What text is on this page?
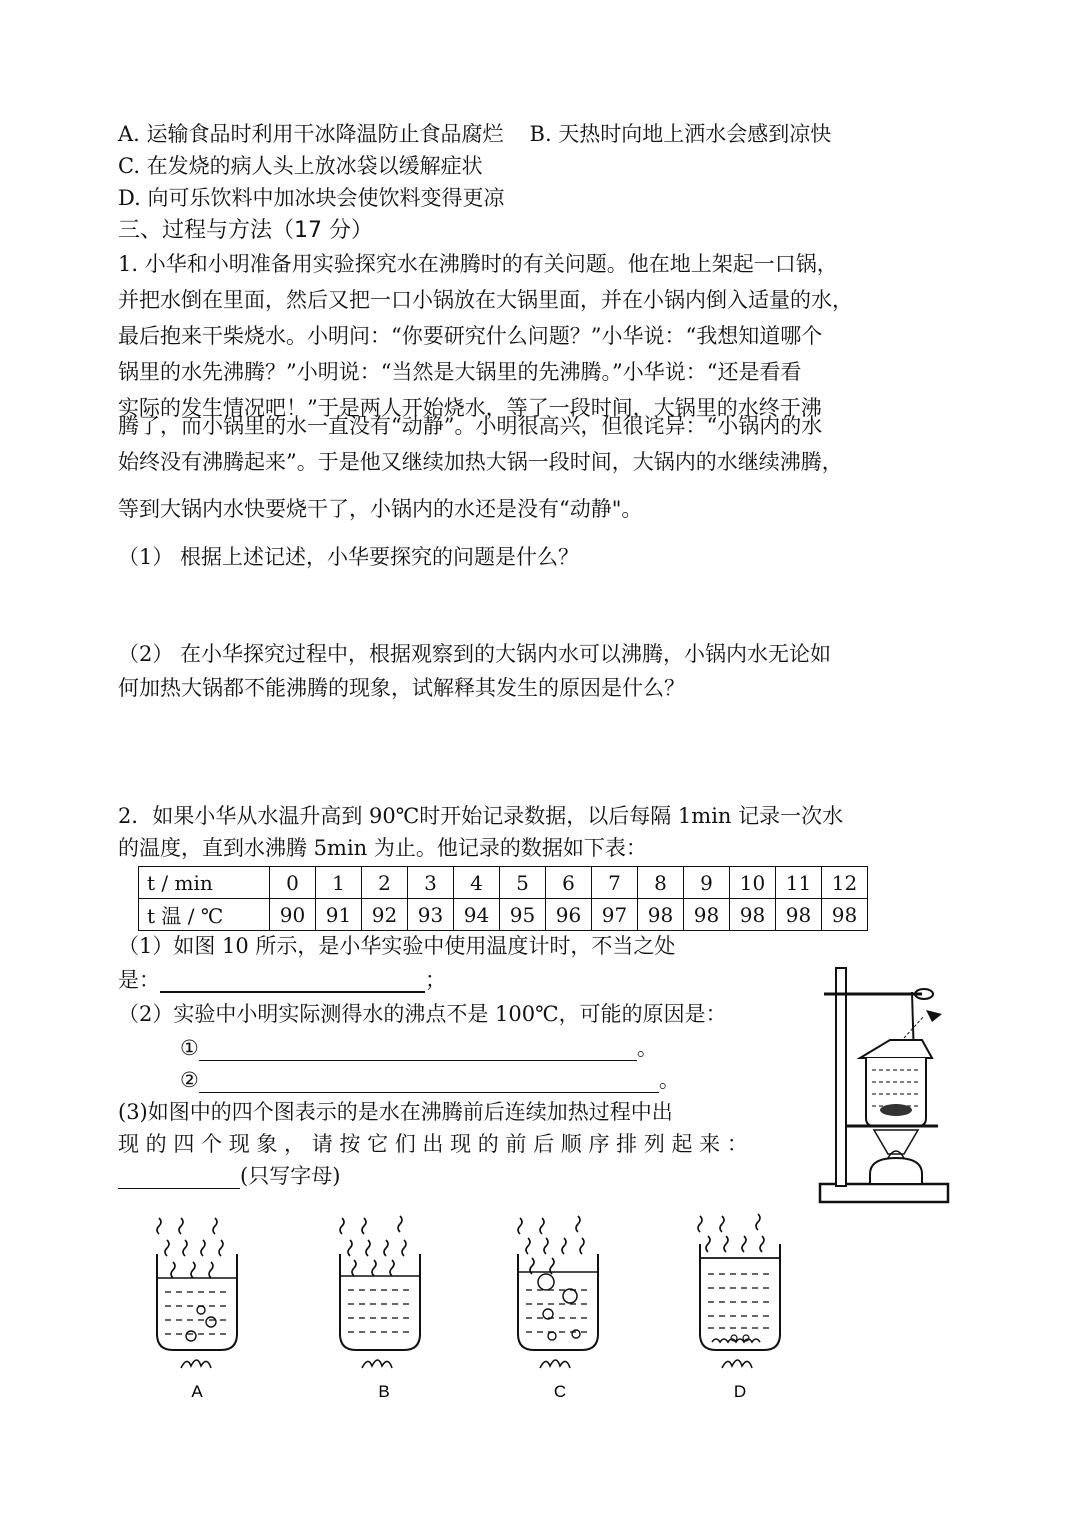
A. 运输食品时利用干冰降温防止食品腐烂 B. 天热时向地上洒水会感到凉快
C. 在发烧的病人头上放冰袋以缓解症状
D. 向可乐饮料中加冰块会使饮料变得更凉
三、过程与方法（17 分）
1. 小华和小明准备用实验探究水在沸腾时的有关问题。他在地上架起一口锅，
并把水倒在里面，然后又把一口小锅放在大锅里面，并在小锅内倒入适量的水，
最后抱来干柴烧水。小明问：“你要研究什么问题？”小华说：“我想知道哪个
锅里的水先沸腾？”小明说：“当然是大锅里的先沸腾。”小华说：“还是看看
实际的发生情况吧！”于是两人开始烧水，等了一段时间，大锅里的水终于沸
腾了，而小锅里的水一直没有“动静”。小明很高兴，但很诧异：“小锅内的水
始终没有沸腾起来”。于是他又继续加热大锅一段时间，大锅内的水继续沸腾，
等到大锅内水快要烧干了，小锅内的水还是没有“动静"。
（1） 根据上述记述，小华要探究的问题是什么？
（2） 在小华探究过程中，根据观察到的大锅内水可以沸腾，小锅内水无论如
何加热大锅都不能沸腾的现象，试解释其发生的原因是什么？
2．如果小华从水温升高到 90℃时开始记录数据，以后每隔 1min 记录一次水
的温度，直到水沸腾 5min 为止。他记录的数据如下表：
t / min	0	1	2	3	4	5	6	7	8	9	10	11	12
t 温 / ℃	90	91	92	93	94	95	96	97	98	98	98	98	98
（1）如图 10 所示，是小华实验中使用温度计时，不当之处
是：	；
（2）实验中小明实际测得水的沸点不是 100℃，可能的原因是：
①	。
②	。
(3)如图中的四个图表示的是水在沸腾前后连续加热过程中出
现 的 四 个 现 象 ， 请 按 它 们 出 现 的 前 后 顺 序 排 列 起 来 ：
(只写字母)
A	B	C	D
